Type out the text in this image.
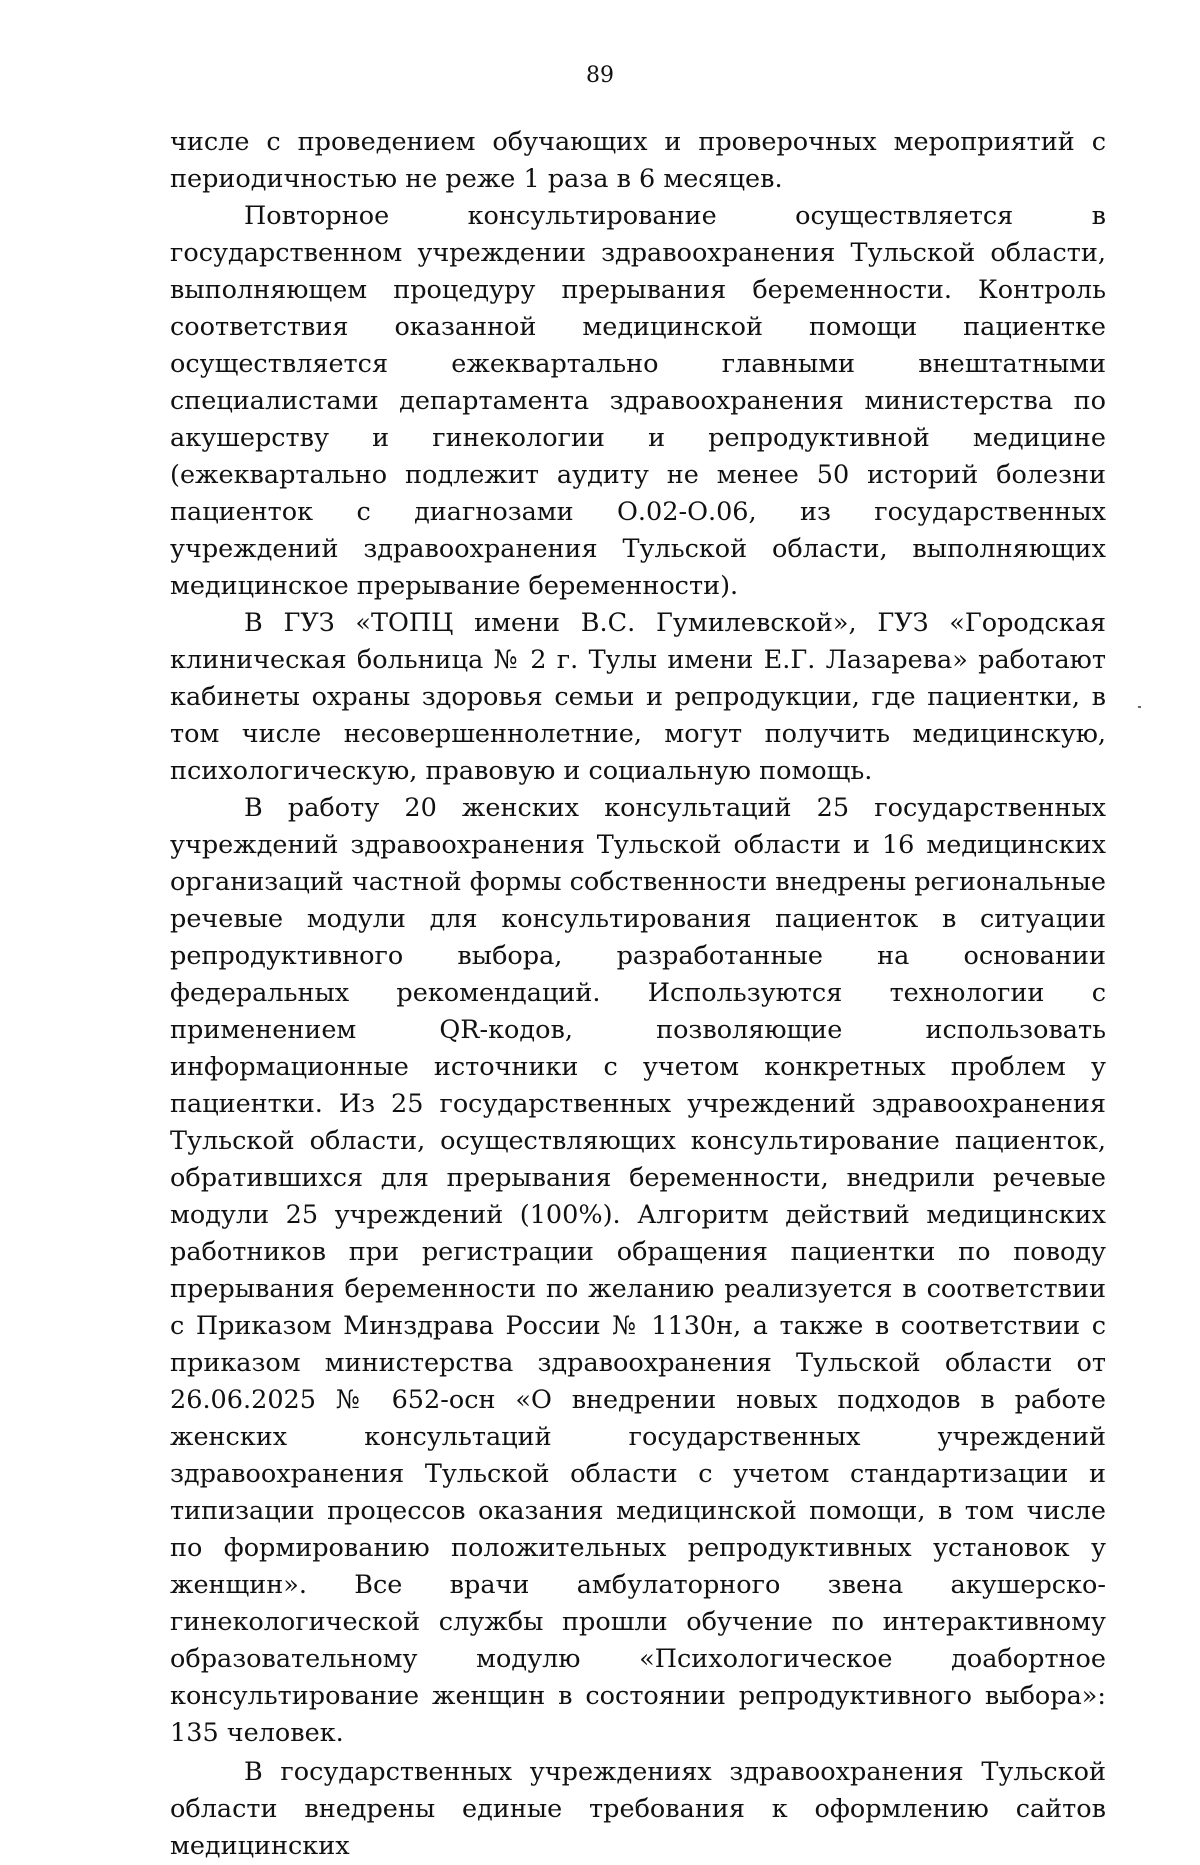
89

числе с проведением обучающих и проверочных мероприятий с периодичностью не реже 1 раза в 6 месяцев.

Повторное консультирование осуществляется в государственном учреждении здравоохранения Тульской области, выполняющем процедуру прерывания беременности. Контроль соответствия оказанной медицинской помощи пациентке осуществляется ежеквартально главными внештатными специалистами департамента здравоохранения министерства по акушерству и гинекологии и репродуктивной медицине (ежеквартально подлежит аудиту не менее 50 историй болезни пациенток с диагнозами О.02-О.06, из государственных учреждений здравоохранения Тульской области, выполняющих медицинское прерывание беременности).

В ГУЗ «ТОПЦ имени В.С. Гумилевской», ГУЗ «Городская клиническая больница № 2 г. Тулы имени Е.Г. Лазарева» работают кабинеты охраны здоровья семьи и репродукции, где пациентки, в том числе несовершеннолетние, могут получить медицинскую, психологическую, правовую и социальную помощь.

В работу 20 женских консультаций 25 государственных учреждений здравоохранения Тульской области и 16 медицинских организаций частной формы собственности внедрены региональные речевые модули для консультирования пациенток в ситуации репродуктивного выбора, разработанные на основании федеральных рекомендаций. Используются технологии с применением QR-кодов, позволяющие использовать информационные источники с учетом конкретных проблем у пациентки. Из 25 государственных учреждений здравоохранения Тульской области, осуществляющих консультирование пациенток, обратившихся для прерывания беременности, внедрили речевые модули 25 учреждений (100%). Алгоритм действий медицинских работников при регистрации обращения пациентки по поводу прерывания беременности по желанию реализуется в соответствии с Приказом Минздрава России № 1130н, а также в соответствии с приказом министерства здравоохранения Тульской области от 26.06.2025 № 652-осн «О внедрении новых подходов в работе женских консультаций государственных учреждений здравоохранения Тульской области с учетом стандартизации и типизации процессов оказания медицинской помощи, в том числе по формированию положительных репродуктивных установок у женщин». Все врачи амбулаторного звена акушерско-гинекологической службы прошли обучение по интерактивному образовательному модулю «Психологическое доабортное консультирование женщин в состоянии репродуктивного выбора»: 135 человек.

В государственных учреждениях здравоохранения Тульской области внедрены единые требования к оформлению сайтов медицинских
